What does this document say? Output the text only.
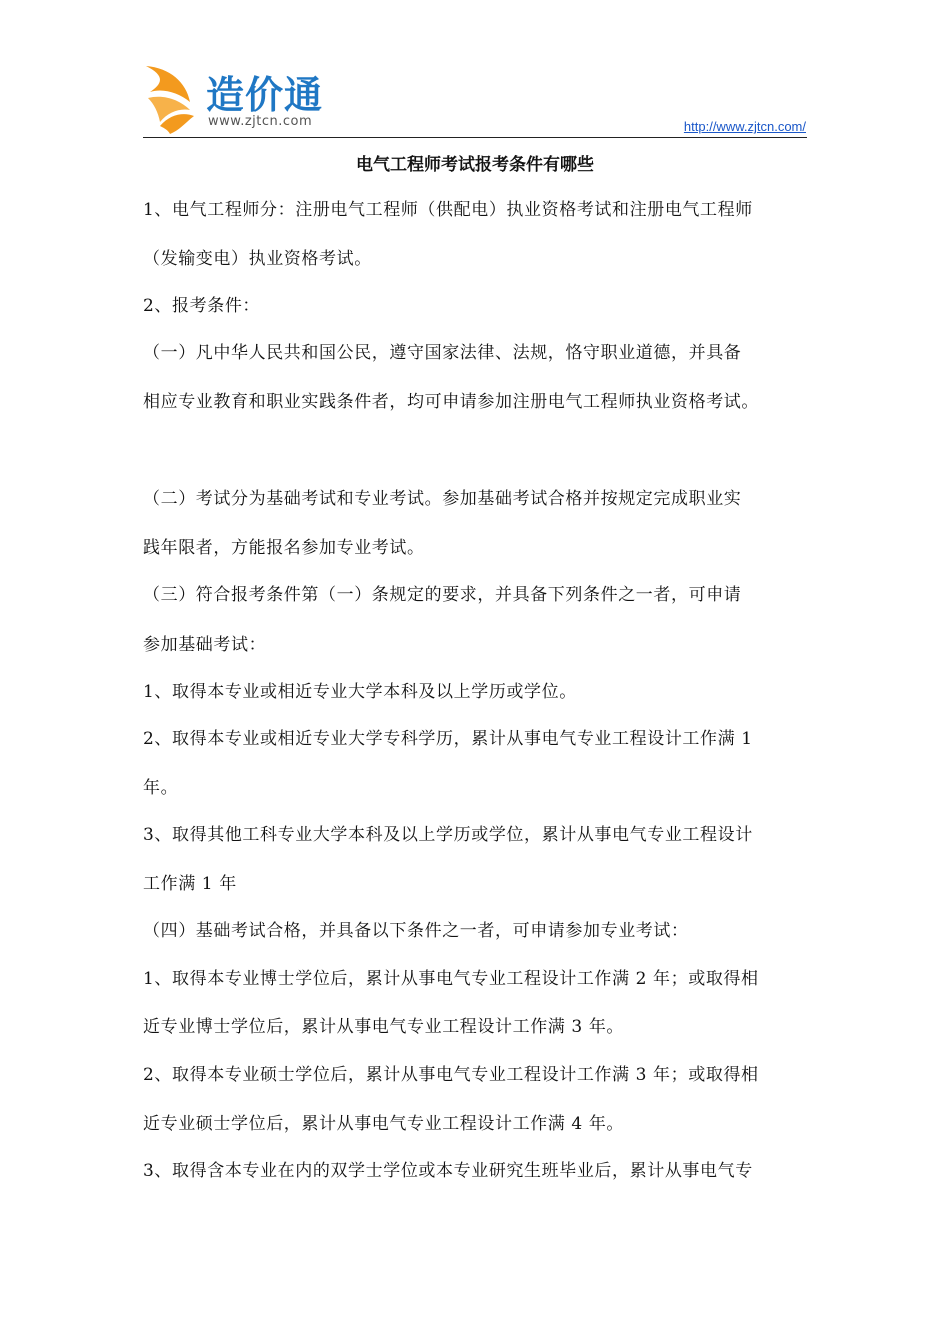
造价通
www.zjtcn.com	http://www.zjtcn.com/
电气工程师考试报考条件有哪些
1、电气工程师分：注册电气工程师（供配电）执业资格考试和注册电气工程师
（发输变电）执业资格考试。
2、报考条件：
（一）凡中华人民共和国公民，遵守国家法律、法规，恪守职业道德，并具备
相应专业教育和职业实践条件者，均可申请参加注册电气工程师执业资格考试。
（二）考试分为基础考试和专业考试。参加基础考试合格并按规定完成职业实
践年限者，方能报名参加专业考试。
（三）符合报考条件第（一）条规定的要求，并具备下列条件之一者，可申请
参加基础考试：
1、取得本专业或相近专业大学本科及以上学历或学位。
2、取得本专业或相近专业大学专科学历，累计从事电气专业工程设计工作满 1
年。
3、取得其他工科专业大学本科及以上学历或学位，累计从事电气专业工程设计
工作满 1 年
（四）基础考试合格，并具备以下条件之一者，可申请参加专业考试：
1、取得本专业博士学位后，累计从事电气专业工程设计工作满 2 年；或取得相
近专业博士学位后，累计从事电气专业工程设计工作满 3 年。
2、取得本专业硕士学位后，累计从事电气专业工程设计工作满 3 年；或取得相
近专业硕士学位后，累计从事电气专业工程设计工作满 4 年。
3、取得含本专业在内的双学士学位或本专业研究生班毕业后，累计从事电气专
